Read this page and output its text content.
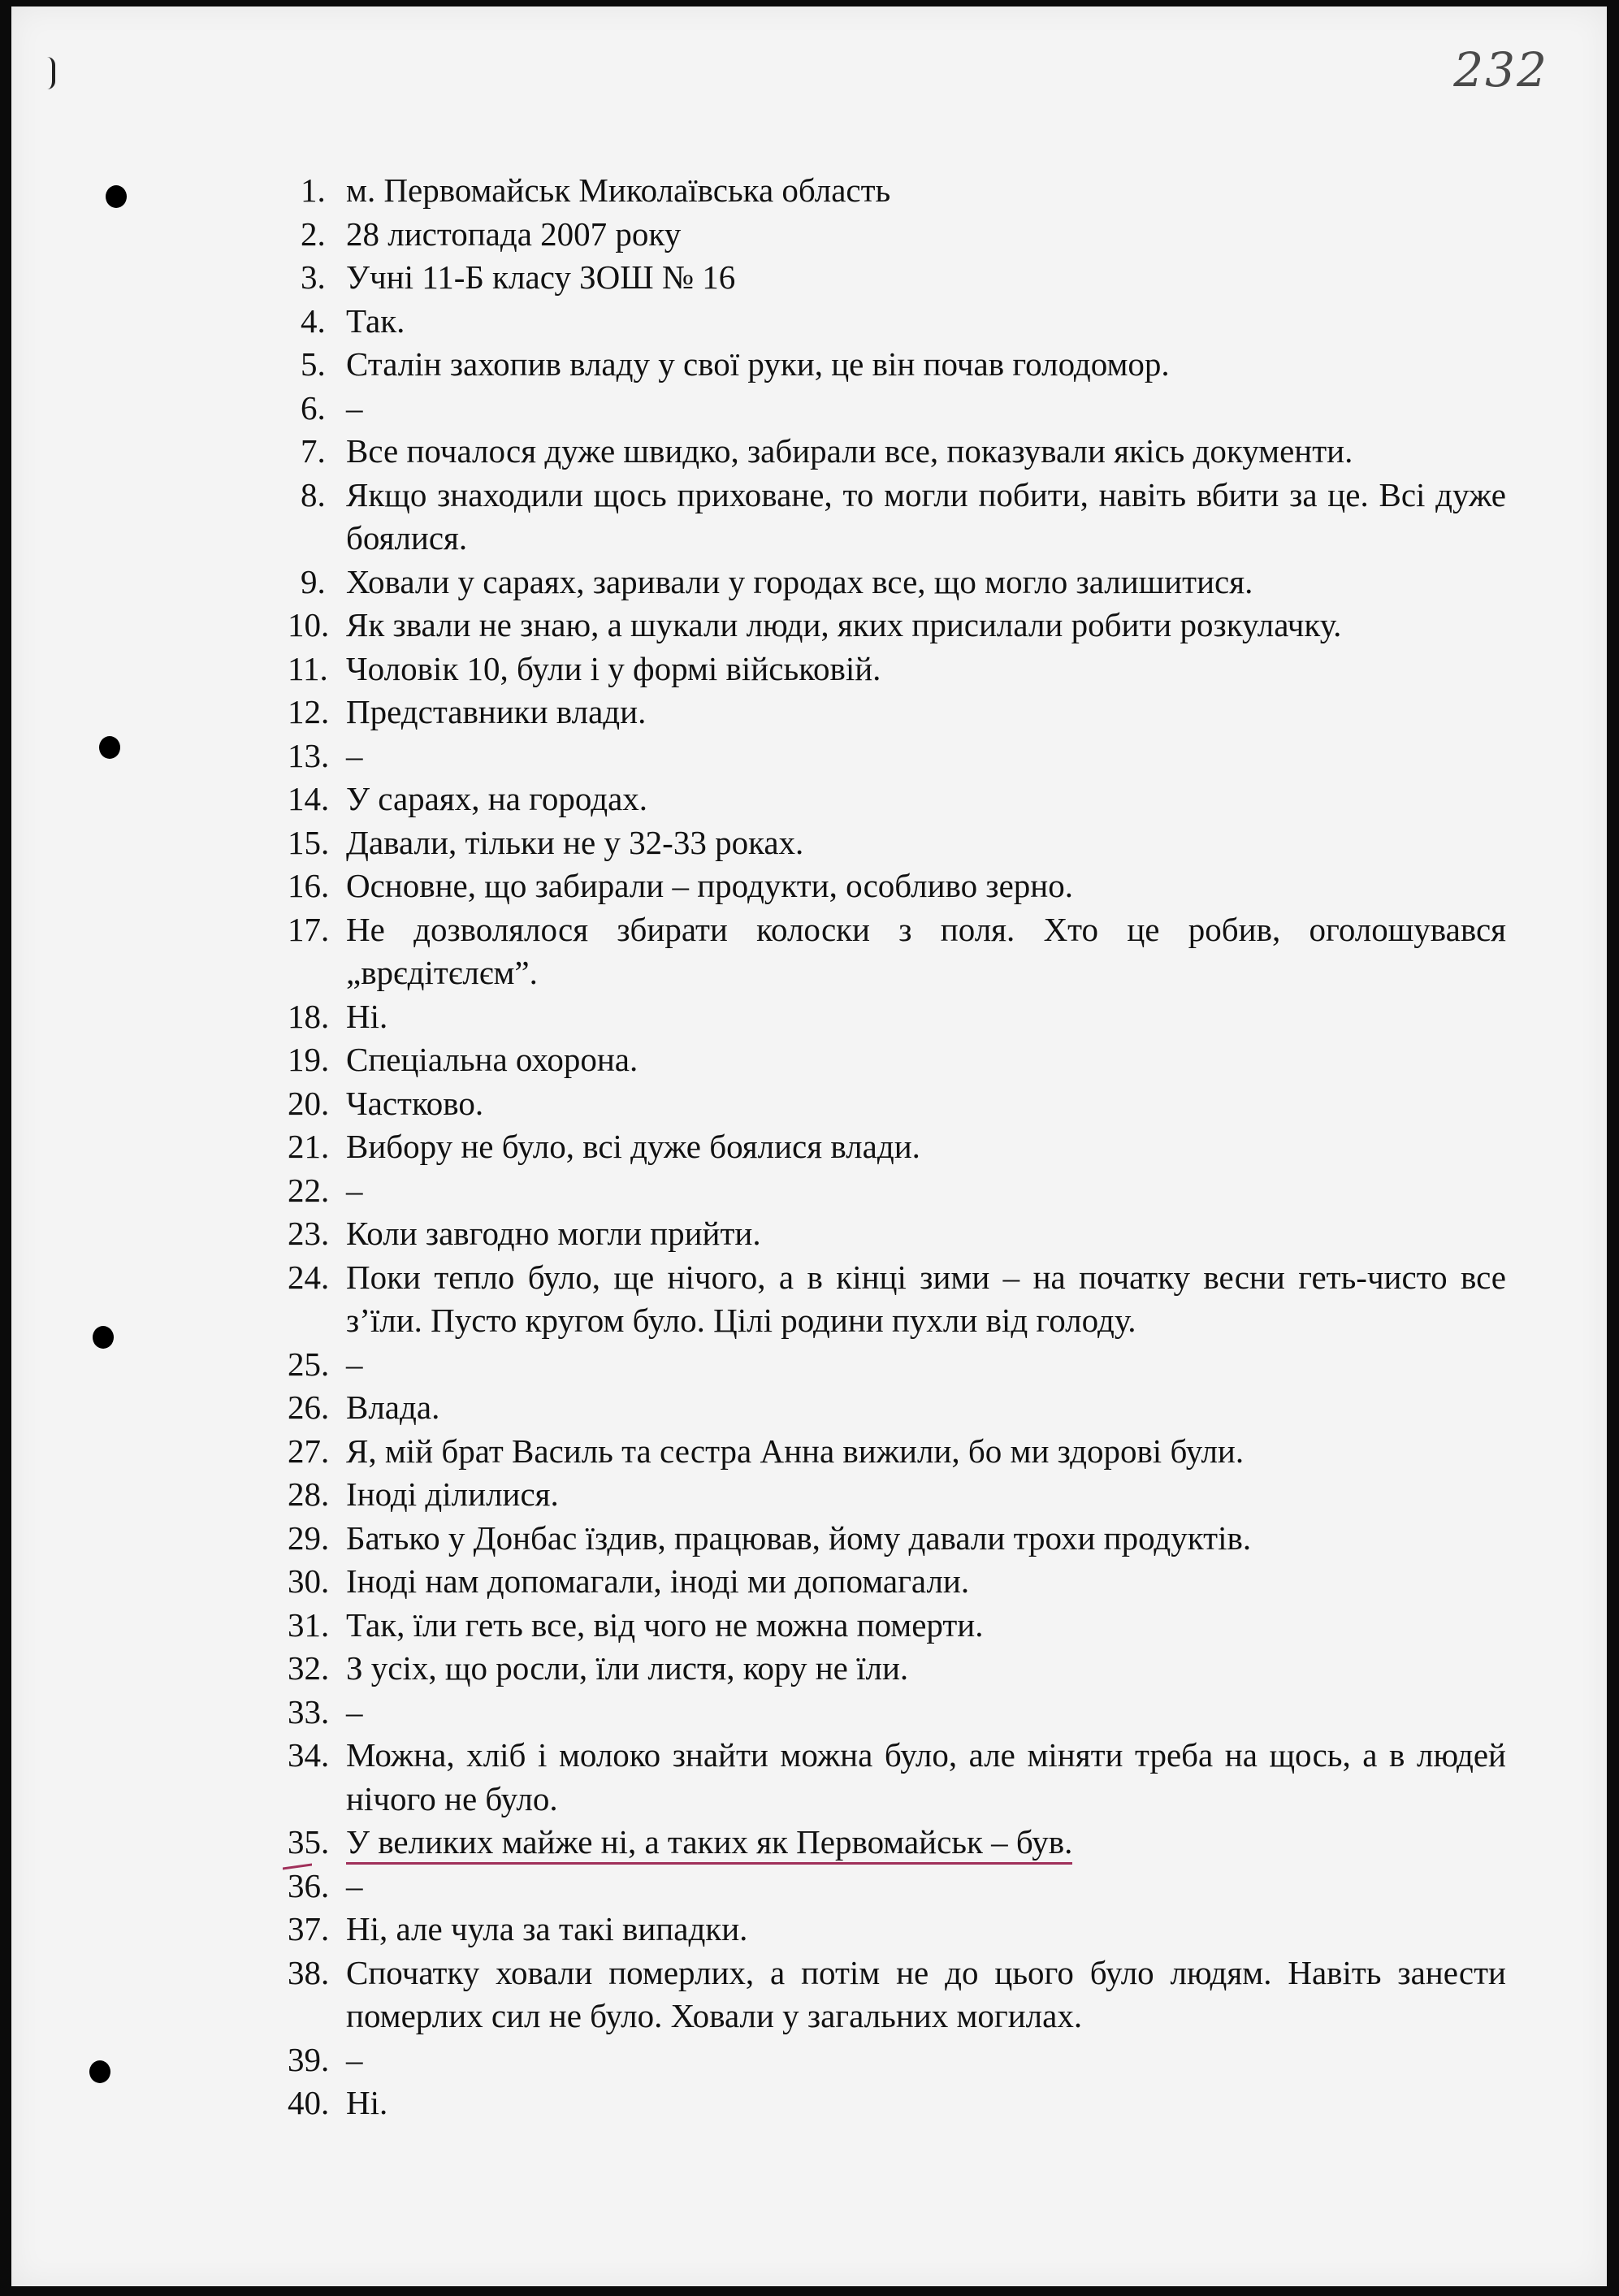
232
1. м. Первомайськ Миколаївська область
2. 28 листопада 2007 року
3. Учні 11-Б класу ЗОШ № 16
4. Так.
5. Сталін захопив владу у свої руки, це він почав голодомор.
6. –
7. Все почалося дуже швидко, забирали все, показували якісь документи.
8. Якщо знаходили щось приховане, то могли побити, навіть вбити за це. Всі дуже боялися.
9. Ховали у сараях, заривали у городах все, що могло залишитися.
10. Як звали не знаю, а шукали люди, яких присилали робити розкулачку.
11. Чоловік 10, були і у формі військовій.
12. Представники влади.
13. –
14. У сараях, на городах.
15. Давали, тільки не у 32-33 роках.
16. Основне, що забирали – продукти, особливо зерно.
17. Не дозволялося збирати колоски з поля. Хто це робив, оголошувався „врєдітєлєм”.
18. Ні.
19. Спеціальна охорона.
20. Частково.
21. Вибору не було, всі дуже боялися влади.
22. –
23. Коли завгодно могли прийти.
24. Поки тепло було, ще нічого, а в кінці зими – на початку весни геть-чисто все з’їли. Пусто кругом було. Цілі родини пухли від голоду.
25. –
26. Влада.
27. Я, мій брат Василь та сестра Анна вижили, бо ми здорові були.
28. Іноді ділилися.
29. Батько у Донбас їздив, працював, йому давали трохи продуктів.
30. Іноді нам допомагали, іноді ми допомагали.
31. Так, їли геть все, від чого не можна померти.
32. З усіх, що росли, їли листя, кору не їли.
33. –
34. Можна, хліб і молоко знайти можна було, але міняти треба на щось, а в людей нічого не було.
35. У великих майже ні, а таких як Первомайськ – був.
36. –
37. Ні, але чула за такі випадки.
38. Спочатку ховали померлих, а потім не до цього було людям. Навіть занести померлих сил не було. Ховали у загальних могилах.
39. –
40. Ні.
